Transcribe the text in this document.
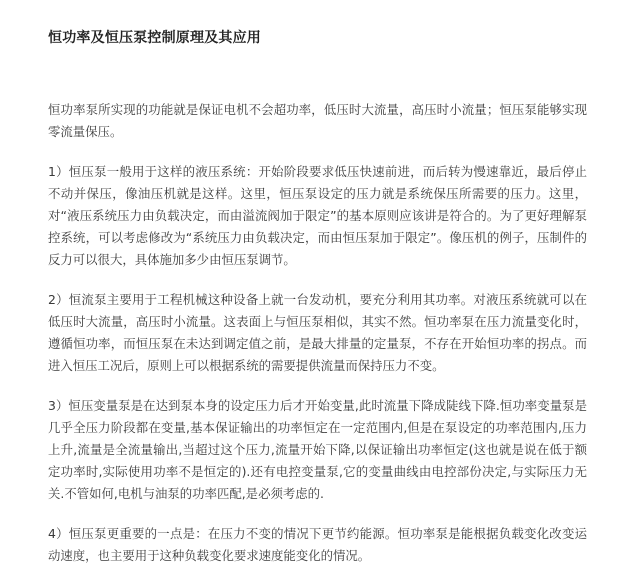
恒功率及恒压泵控制原理及其应用

恒功率泵所实现的功能就是保证电机不会超功率，低压时大流量，高压时小流量；恒压泵能够实现零流量保压。

1）恒压泵一般用于这样的液压系统：开始阶段要求低压快速前进，而后转为慢速靠近，最后停止不动并保压，像油压机就是这样。这里，恒压泵设定的压力就是系统保压所需要的压力。这里，对“液压系统压力由负载决定，而由溢流阀加于限定”的基本原则应该讲是符合的。为了更好理解泵控系统，可以考虑修改为“系统压力由负载决定，而由恒压泵加于限定”。像压机的例子，压制件的反力可以很大，具体施加多少由恒压泵调节。

2）恒流泵主要用于工程机械这种设备上就一台发动机，要充分利用其功率。对液压系统就可以在低压时大流量，高压时小流量。这表面上与恒压泵相似，其实不然。恒功率泵在压力流量变化时，遵循恒功率，而恒压泵在未达到调定值之前，是最大排量的定量泵，不存在开始恒功率的拐点。而进入恒压工况后，原则上可以根据系统的需要提供流量而保持压力不变。

3）恒压变量泵是在达到泵本身的设定压力后才开始变量,此时流量下降成陡线下降.恒功率变量泵是几乎全压力阶段都在变量,基本保证输出的功率恒定在一定范围内,但是在泵设定的功率范围内,压力上升,流量是全流量输出,当超过这个压力,流量开始下降,以保证输出功率恒定(这也就是说在低于额定功率时,实际使用功率不是恒定的).还有电控变量泵,它的变量曲线由电控部份决定,与实际压力无关.不管如何,电机与油泵的功率匹配,是必须考虑的.

4）恒压泵更重要的一点是：在压力不变的情况下更节约能源。恒功率泵是能根据负载变化改变运动速度，也主要用于这种负载变化要求速度能变化的情况。
